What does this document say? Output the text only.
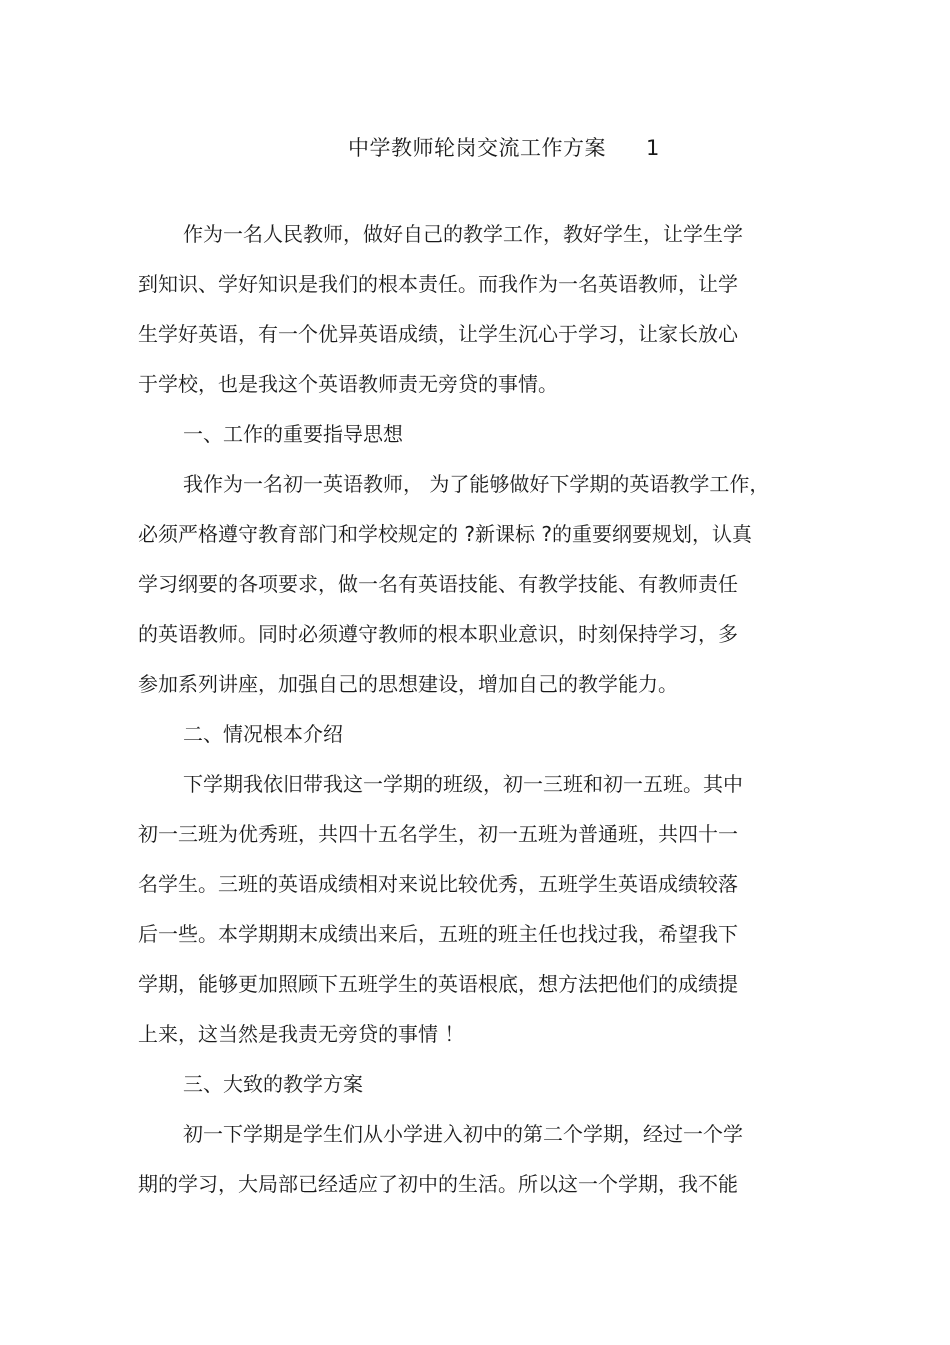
中学教师轮岗交流工作方案 1
作为一名人民教师，做好自己的教学工作，教好学生，让学生学
到知识、学好知识是我们的根本责任。而我作为一名英语教师，让学
生学好英语，有一个优异英语成绩，让学生沉心于学习，让家长放心
于学校，也是我这个英语教师责无旁贷的事情。
一、工作的重要指导思想
我作为一名初一英语教师， 为了能够做好下学期的英语教学工作，
必须严格遵守教育部门和学校规定的 ?新课标 ?的重要纲要规划，认真
学习纲要的各项要求，做一名有英语技能、有教学技能、有教师责任
的英语教师。同时必须遵守教师的根本职业意识，时刻保持学习，多
参加系列讲座，加强自己的思想建设，增加自己的教学能力。
二、情况根本介绍
下学期我依旧带我这一学期的班级，初一三班和初一五班。其中
初一三班为优秀班，共四十五名学生，初一五班为普通班，共四十一
名学生。三班的英语成绩相对来说比较优秀，五班学生英语成绩较落
后一些。本学期期末成绩出来后，五班的班主任也找过我，希望我下
学期，能够更加照顾下五班学生的英语根底，想方法把他们的成绩提
上来，这当然是我责无旁贷的事情 ！
三、大致的教学方案
初一下学期是学生们从小学进入初中的第二个学期，经过一个学
期的学习，大局部已经适应了初中的生活。所以这一个学期，我不能
